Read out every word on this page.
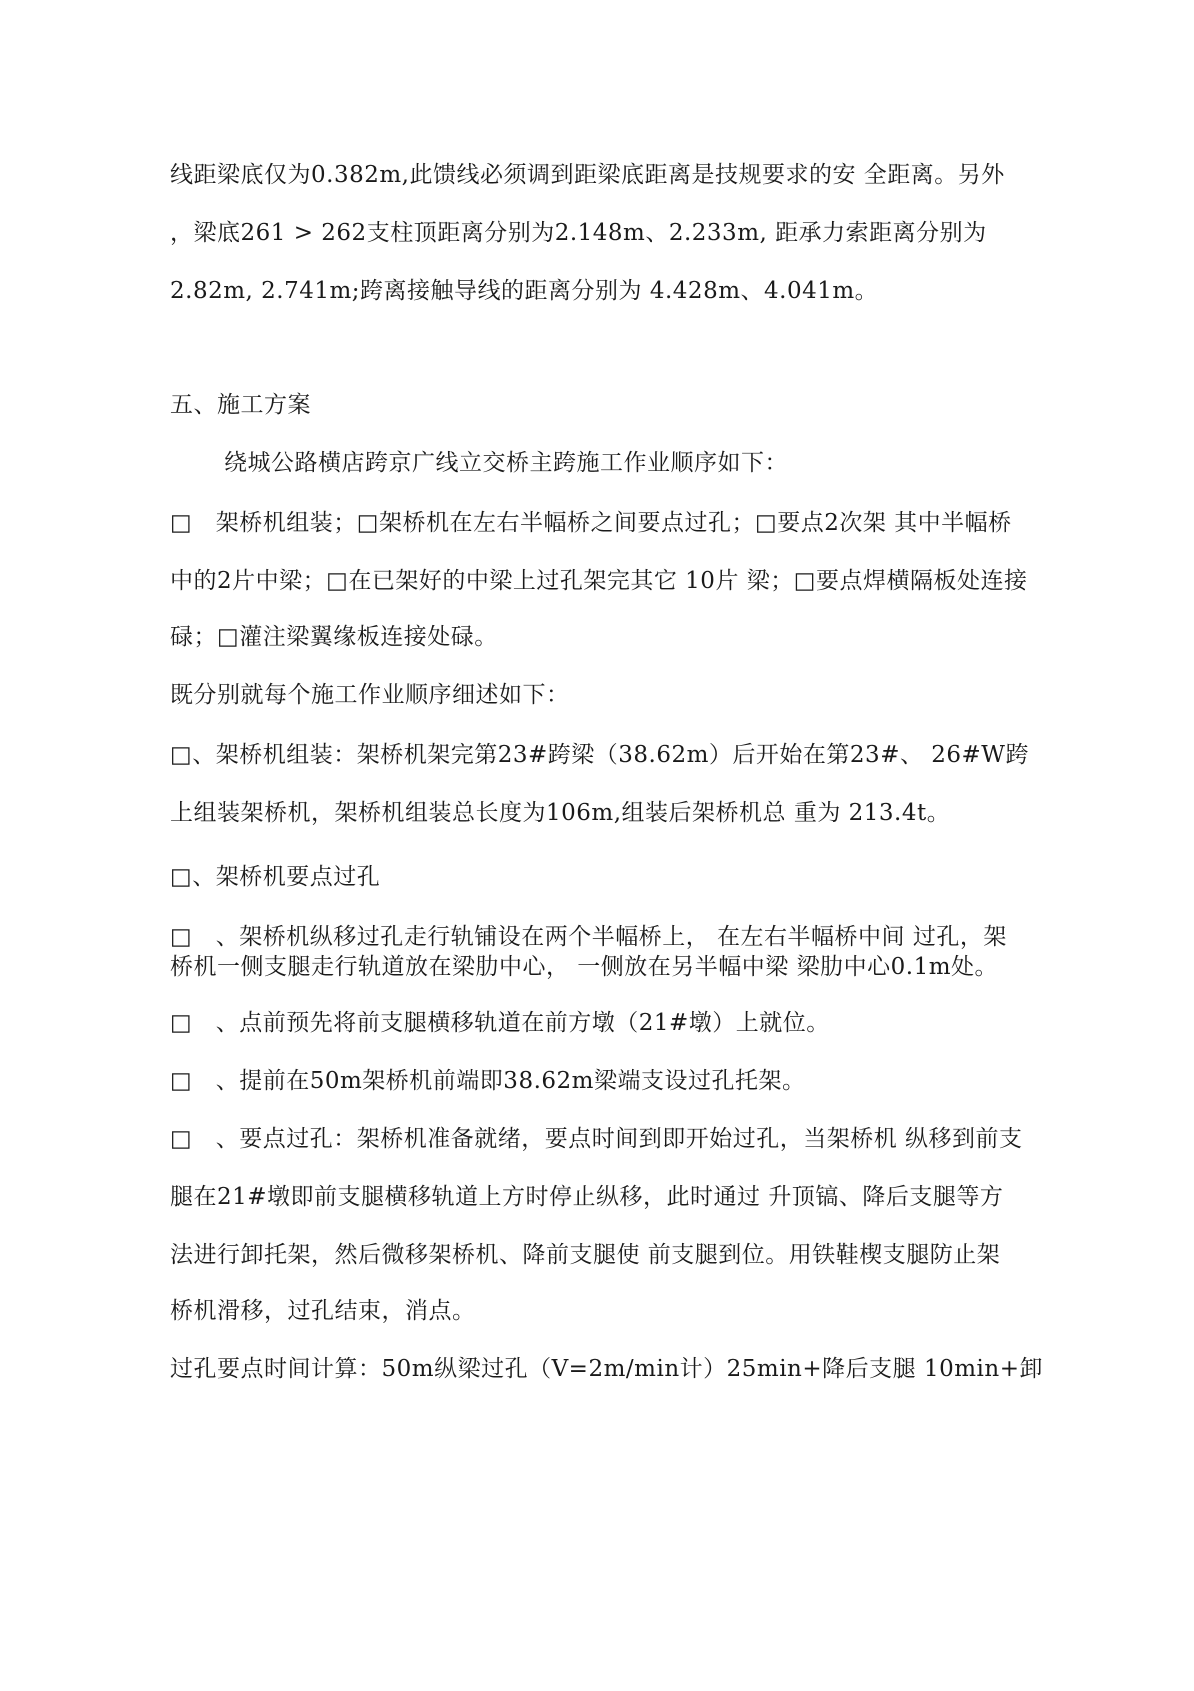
线距梁底仅为0.382m,此馈线必须调到距梁底距离是技规要求的安 全距离。另外
，梁底261 > 262支柱顶距离分别为2.148m、2.233m, 距承力索距离分别为
2.82m, 2.741m;跨离接触导线的距离分别为 4.428m、4.041m。
五、施工方案
绕城公路横店跨京广线立交桥主跨施工作业顺序如下：
□　架桥机组装；□架桥机在左右半幅桥之间要点过孔；□要点2次架 其中半幅桥
中的2片中梁；□在已架好的中梁上过孔架完其它 10片 梁；□要点焊横隔板处连接
碌；□灌注梁翼缘板连接处碌。
既分别就每个施工作业顺序细述如下：
□、架桥机组装：架桥机架完第23#跨梁（38.62m）后开始在第23#、 26#W跨
上组装架桥机，架桥机组装总长度为106m,组装后架桥机总 重为 213.4t。
□、架桥机要点过孔
□　、架桥机纵移过孔走行轨铺设在两个半幅桥上， 在左右半幅桥中间 过孔，架
桥机一侧支腿走行轨道放在梁肋中心， 一侧放在另半幅中梁 梁肋中心0.1m处。
□　、点前预先将前支腿横移轨道在前方墩（21#墩）上就位。
□　、提前在50m架桥机前端即38.62m梁端支设过孔托架。
□　、要点过孔：架桥机准备就绪，要点时间到即开始过孔，当架桥机 纵移到前支
腿在21#墩即前支腿横移轨道上方时停止纵移，此时通过 升顶镐、降后支腿等方
法进行卸托架，然后微移架桥机、降前支腿使 前支腿到位。用铁鞋楔支腿防止架
桥机滑移，过孔结束，消点。
过孔要点时间计算：50m纵梁过孔（V=2m/min计）25min+降后支腿 10min+卸
